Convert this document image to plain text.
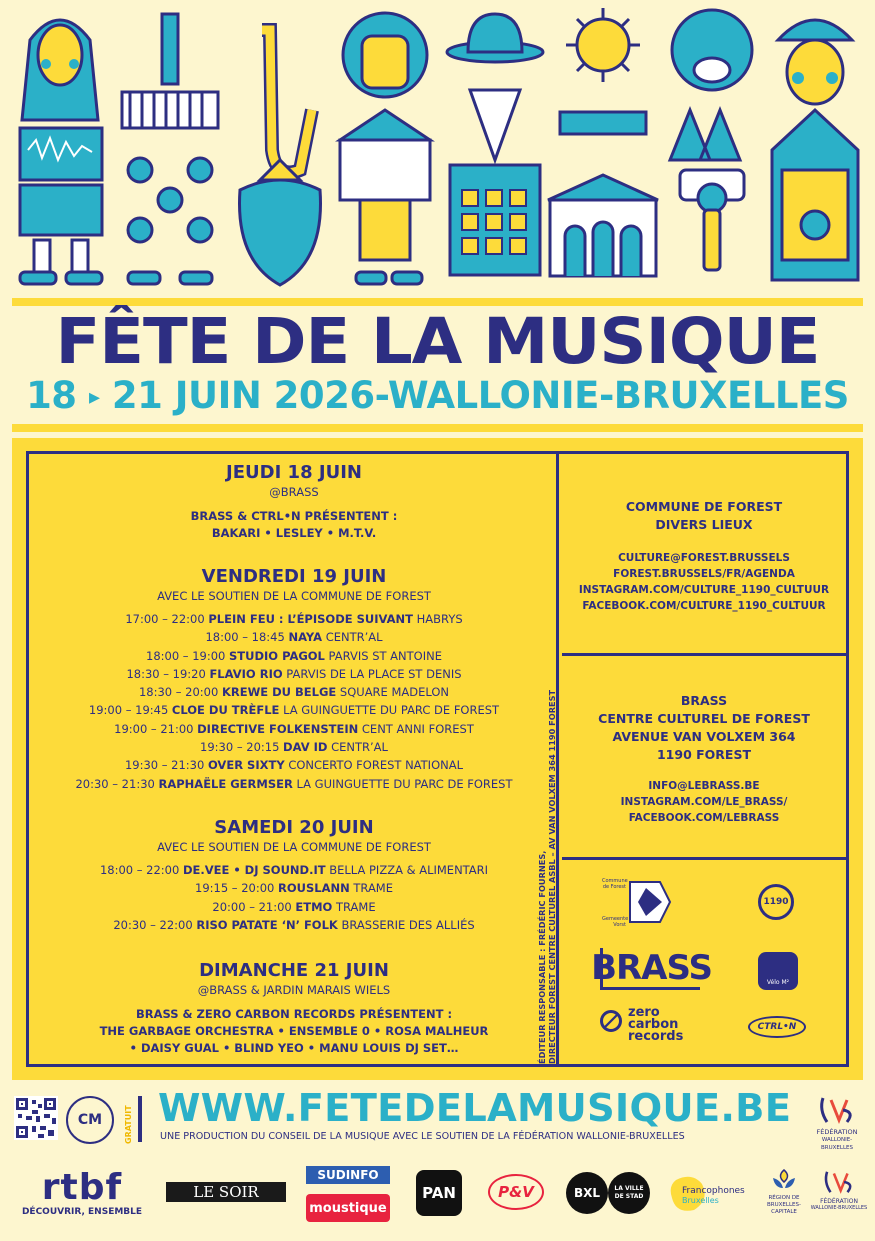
FÊTE DE LA MUSIQUE
18 ▸ 21 JUIN 2026-WALLONIE-BRUXELLES
JEUDI 18 JUIN
@BRASS
BRASS & CTRL•N PRÉSENTENT :
BAKARI • LESLEY • M.T.V.
VENDREDI 19 JUIN
AVEC LE SOUTIEN DE LA COMMUNE DE FOREST
17:00 – 22:00 PLEIN FEU : L’ÉPISODE SUIVANT HABRYS
18:00 – 18:45 NAYA CENTR’AL
18:00 – 19:00 STUDIO PAGOL PARVIS ST ANTOINE
18:30 – 19:20 FLAVIO RIO PARVIS DE LA PLACE ST DENIS
18:30 – 20:00 KREWE DU BELGE SQUARE MADELON
19:00 – 19:45 CLOE DU TRÈFLE LA GUINGUETTE DU PARC DE FOREST
19:00 – 21:00 DIRECTIVE FOLKENSTEIN CENT ANNI FOREST
19:30 – 20:15 DAV ID CENTR’AL
19:30 – 21:30 OVER SIXTY CONCERTO FOREST NATIONAL
20:30 – 21:30 RAPHAËLE GERMSER LA GUINGUETTE DU PARC DE FOREST
SAMEDI 20 JUIN
AVEC LE SOUTIEN DE LA COMMUNE DE FOREST
18:00 – 22:00 DE.VEE • DJ SOUND.IT BELLA PIZZA & ALIMENTARI
19:15 – 20:00 ROUSLANN TRAME
20:00 – 21:00 ETMO TRAME
20:30 – 22:00 RISO PATATE ‘N’ FOLK BRASSERIE DES ALLIÉS
DIMANCHE 21 JUIN
@BRASS & JARDIN MARAIS WIELS
BRASS & ZERO CARBON RECORDS PRÉSENTENT :
THE GARBAGE ORCHESTRA • ENSEMBLE 0 • ROSA MALHEUR
• DAISY GUAL • BLIND YEO • MANU LOUIS DJ SET…	ÉDITEUR RESPONSABLE : FRÉDÉRIC FOURNES,
DIRECTEUR FOREST CENTRE CULTUREL ASBL – AV VAN VOLXEM 364 1190 FOREST
COMMUNE DE FOREST
DIVERS LIEUX
CULTURE@FOREST.BRUSSELS
FOREST.BRUSSELS/FR/AGENDA
INSTAGRAM.COM/CULTURE_1190_CULTUUR
FACEBOOK.COM/CULTURE_1190_CULTUUR
BRASS
CENTRE CULTUREL DE FOREST
AVENUE VAN VOLXEM 364
1190 FOREST
INFO@LEBRASS.BE
INSTAGRAM.COM/LE_BRASS/
FACEBOOK.COM/LEBRASS
Commune de Forest
Gemeente Vorst
1190
BRASS	Vélo M²
zero
carbon
records
CTRL•N
CM	GRATUIT WWW.FETEDELAMUSIQUE.BE
UNE PRODUCTION DU CONSEIL DE LA MUSIQUE AVEC LE SOUTIEN DE LA FÉDÉRATION WALLONIE-BRUXELLES	FÉDÉRATION
WALLONIE-BRUXELLES
rtbf
DÉCOUVRIR, ENSEMBLE
LE SOIR
SUDINFO
moustique
PAN	P&V	BXL	LA VILLE
DE STAD
Francophones
Bruxelles	RÉGION DE
BRUXELLES-
CAPITALE
FÉDÉRATION
WALLONIE-BRUXELLES
